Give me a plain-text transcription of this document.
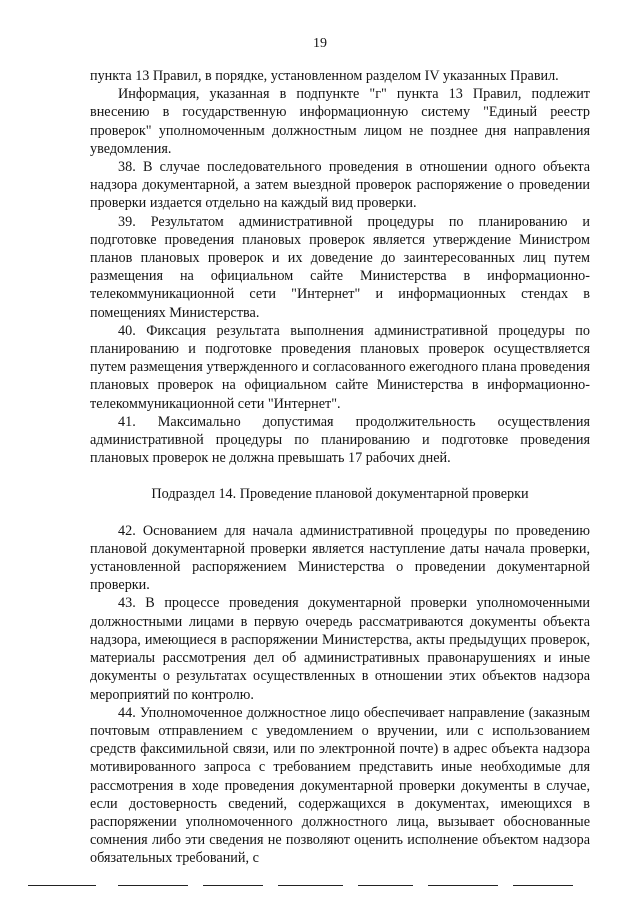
19

пункта 13 Правил, в порядке, установленном разделом IV указанных Правил.

Информация, указанная в подпункте "г" пункта 13 Правил, подлежит внесению в государственную информационную систему "Единый реестр проверок" уполномоченным должностным лицом не позднее дня направления уведомления.

38. В случае последовательного проведения в отношении одного объекта надзора документарной, а затем выездной проверок распоряжение о проведении проверки издается отдельно на каждый вид проверки.

39. Результатом административной процедуры по планированию и подготовке проведения плановых проверок является утверждение Министром планов плановых проверок и их доведение до заинтересованных лиц путем размещения на официальном сайте Министерства в информационно-телекоммуникационной сети "Интернет" и информационных стендах в помещениях Министерства.

40. Фиксация результата выполнения административной процедуры по планированию и подготовке проведения плановых проверок осуществляется путем размещения утвержденного и согласованного ежегодного плана проведения плановых проверок на официальном сайте Министерства в информационно-телекоммуникационной сети "Интернет".

41. Максимально допустимая продолжительность осуществления административной процедуры по планированию и подготовке проведения плановых проверок не должна превышать 17 рабочих дней.

Подраздел 14. Проведение плановой документарной проверки

42. Основанием для начала административной процедуры по проведению плановой документарной проверки является наступление даты начала проверки, установленной распоряжением Министерства о проведении документарной проверки.

43. В процессе проведения документарной проверки уполномоченными должностными лицами в первую очередь рассматриваются документы объекта надзора, имеющиеся в распоряжении Министерства, акты предыдущих проверок, материалы рассмотрения дел об административных правонарушениях и иные документы о результатах осуществленных в отношении этих объектов надзора мероприятий по контролю.

44. Уполномоченное должностное лицо обеспечивает направление (заказным почтовым отправлением с уведомлением о вручении, или с использованием средств факсимильной связи, или по электронной почте) в адрес объекта надзора мотивированного запроса с требованием представить иные необходимые для рассмотрения в ходе проведения документарной проверки документы в случае, если достоверность сведений, содержащихся в документах, имеющихся в распоряжении уполномоченного должностного лица, вызывает обоснованные сомнения либо эти сведения не позволяют оценить исполнение объектом надзора обязательных требований, с
